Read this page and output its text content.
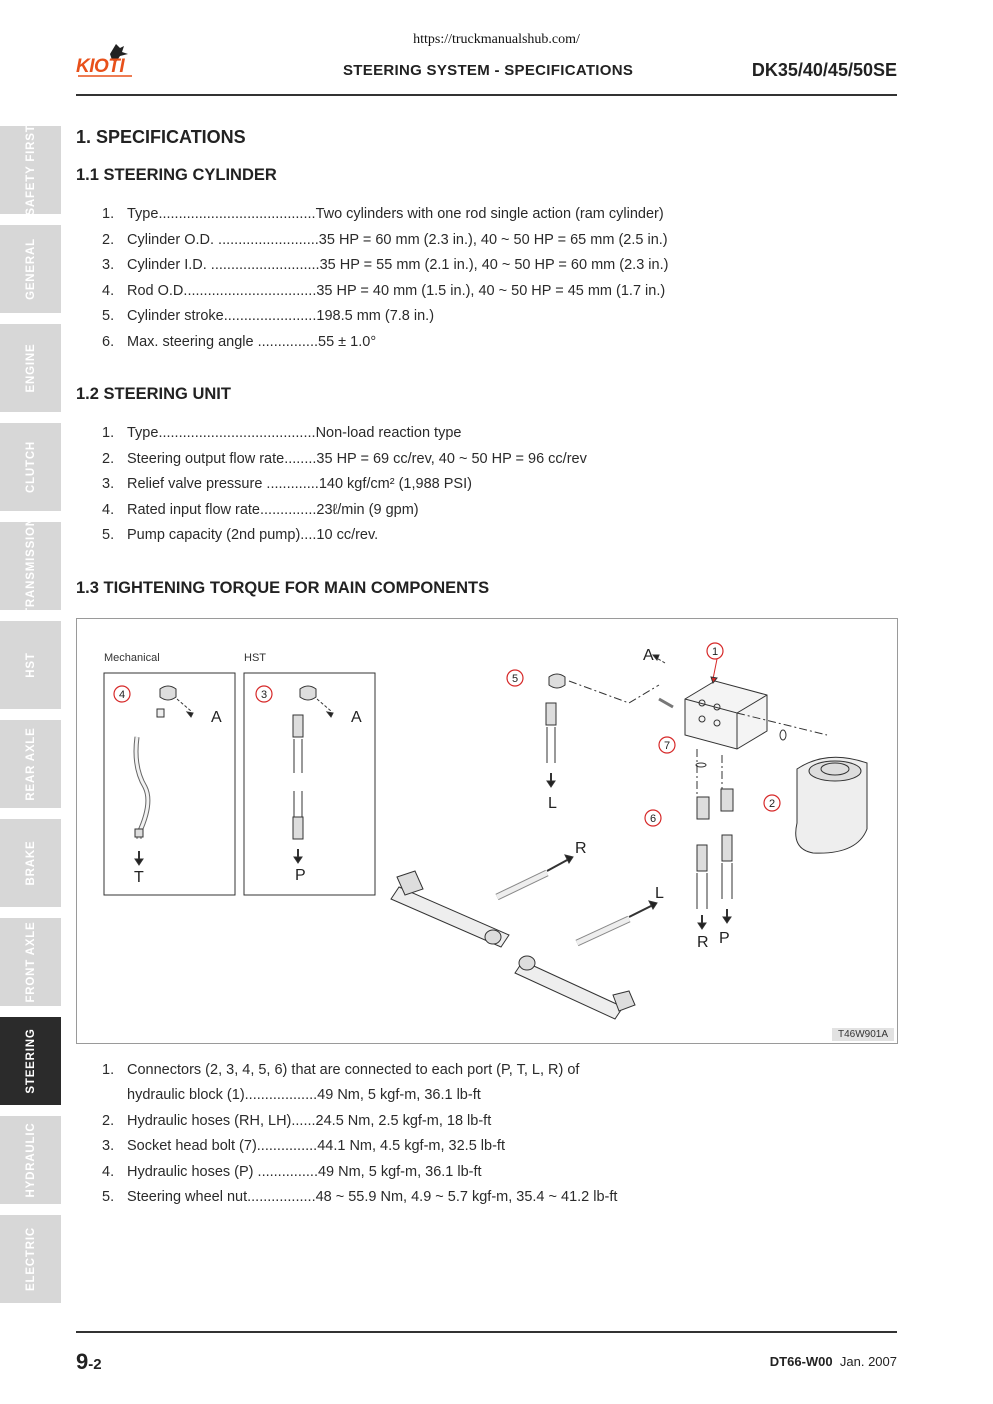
https://truckmanualshub.com/
KIOTI	STEERING SYSTEM - SPECIFICATIONS	DK35/40/45/50SE
SAFETY FIRST
GENERAL
ENGINE
CLUTCH
TRANSMISSION
HST
REAR AXLE
BRAKE
FRONT AXLE
STEERING
HYDRAULIC
ELECTRIC
1. SPECIFICATIONS
1.1 STEERING CYLINDER
1. Type.......................................Two cylinders with one rod single action (ram cylinder)
2. Cylinder O.D. .........................35 HP = 60 mm (2.3 in.), 40 ~ 50 HP = 65 mm (2.5 in.)
3. Cylinder I.D. ...........................35 HP = 55 mm (2.1 in.), 40 ~ 50 HP = 60 mm (2.3 in.)
4. Rod O.D.................................35 HP = 40 mm (1.5 in.), 40 ~ 50 HP = 45 mm (1.7 in.)
5. Cylinder stroke.......................198.5 mm (7.8 in.)
6. Max. steering angle ...............55 ± 1.0°
1.2 STEERING UNIT
1. Type.......................................Non-load reaction type
2. Steering output flow rate........35 HP = 69 cc/rev, 40 ~ 50 HP = 96 cc/rev
3. Relief valve pressure .............140 kgf/cm² (1,988 PSI)
4. Rated input flow rate..............23ℓ/min (9 gpm)
5. Pump capacity (2nd pump)....10 cc/rev.
1.3 TIGHTENING TORQUE FOR MAIN COMPONENTS
1
2
3
4
5
6
7
Mechanical	HST
A	A
A
T	P
L
R
L
R P
T46W901A
1. Connectors (2, 3, 4, 5, 6) that are connected to each port (P, T, L, R) of
hydraulic block (1)..................49 Nm, 5 kgf-m, 36.1 lb-ft
2. Hydraulic hoses (RH, LH)......24.5 Nm, 2.5 kgf-m, 18 lb-ft
3. Socket head bolt (7)...............44.1 Nm, 4.5 kgf-m, 32.5 lb-ft
4. Hydraulic hoses (P) ...............49 Nm, 5 kgf-m, 36.1 lb-ft
5. Steering wheel nut.................48 ~ 55.9 Nm, 4.9 ~ 5.7 kgf-m, 35.4 ~ 41.2 lb-ft
9-2	DT66-W00 Jan. 2007
